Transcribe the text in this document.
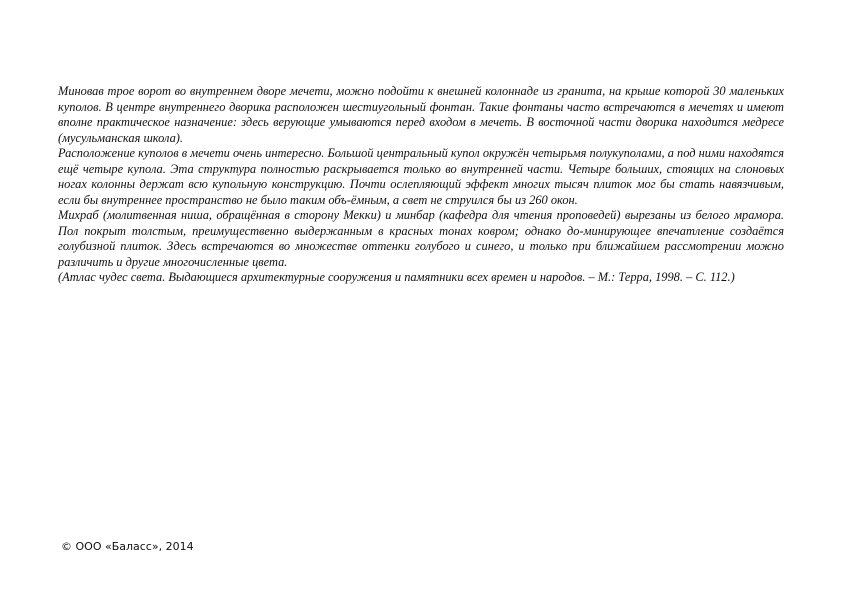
Миновав трое ворот во внутреннем дворе мечети, можно подойти к внешней колоннаде из гранита, на крыше которой 30 маленьких куполов. В центре внутреннего дворика расположен шестиугольный фонтан. Такие фонтаны часто встречаются в мечетях и имеют вполне практическое назначение: здесь верующие умываются перед входом в мечеть. В восточной части дворика находится медресе (мусульманская школа).

Расположение куполов в мечети очень интересно. Большой центральный купол окружён четырьмя полукуполами, а под ними находятся ещё четыре купола. Эта структура полностью раскрывается только во внутренней части. Четыре больших, стоящих на слоновых ногах колонны держат всю купольную конструкцию. Почти ослепляющий эффект многих тысяч плиток мог бы стать навязчивым, если бы внутреннее пространство не было таким объ-ёмным, а свет не струился бы из 260 окон.

Михраб (молитвенная ниша, обращённая в сторону Мекки) и минбар (кафедра для чтения проповедей) вырезаны из белого мрамора. Пол покрыт толстым, преимущественно выдержанным в красных тонах ковром; однако до-минирующее впечатление создаётся голубизной плиток. Здесь встречаются во множестве оттенки голубого и синего, и только при ближайшем рассмотрении можно различить и другие многочисленные цвета.

(Атлас чудес света. Выдающиеся архитектурные сооружения и памятники всех времен и народов. – М.: Терра, 1998. – С. 112.)

© ООО «Баласс», 2014
